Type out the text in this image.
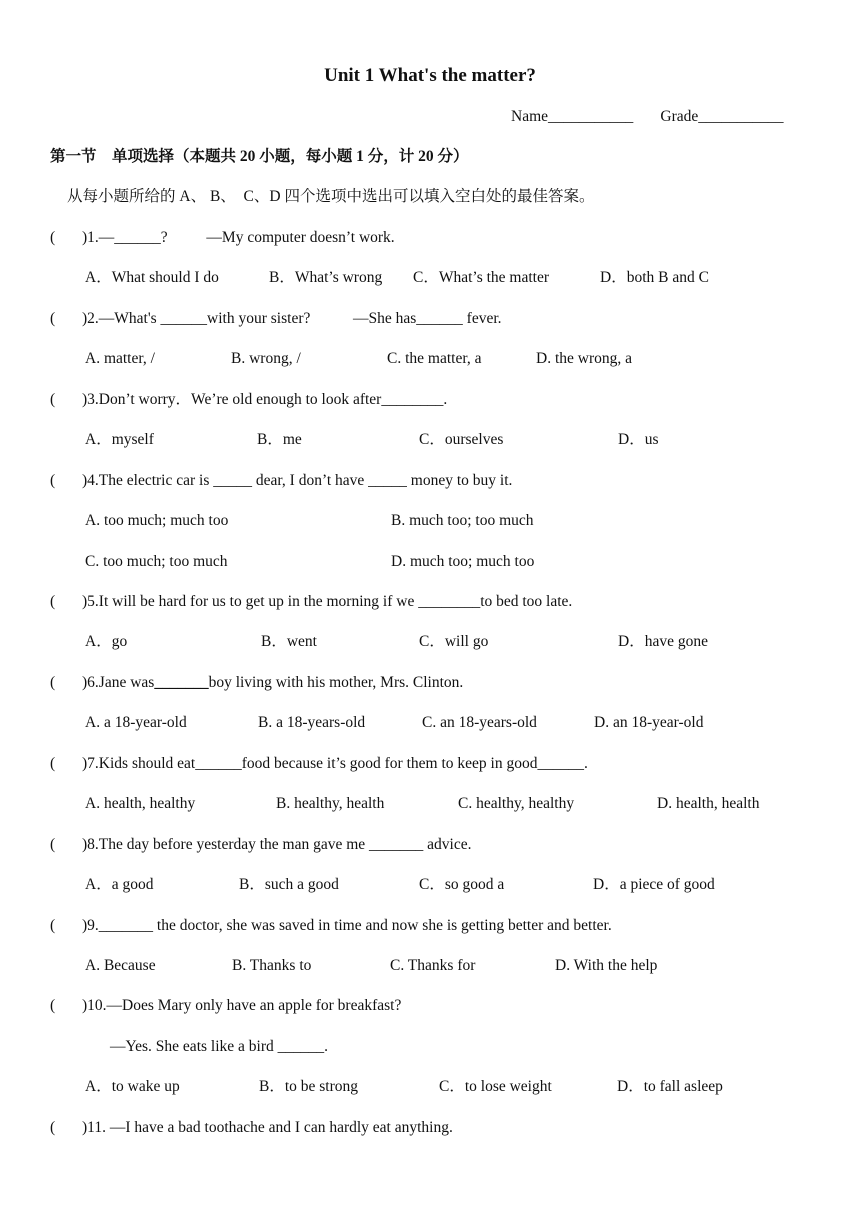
Unit 1 What's the matter?
Name___________       Grade___________
第一节    单项选择（本题共 20 小题，每小题 1 分，计 20 分）
从每小题所给的 A、 B、  C、D 四个选项中选出可以填入空白处的最佳答案。
( )1.—______?          —My computer doesn’t work.
A．What should I do	B．What’s wrong C．What’s the matter	D．both B and C
( )2.—What's ______with your sister?           —She has______ fever.
A. matter, /	B. wrong, /	C. the matter, a	D. the wrong, a
( )3.Don’t worry．We’re old enough to look after________.
A．myself	B．me	C．ourselves	D．us
( )4.The electric car is _____ dear, I don’t have _____ money to buy it.
A. too much; much too	B. much too; too much
C. too much; too much	D. much too; much too
( )5.It will be hard for us to get up in the morning if we ________to bed too late.
A．go	B．went	C．will go	D．have gone
( )6.Jane was_______boy living with his mother, Mrs. Clinton.
A. a 18-year-old	B. a 18-years-old	C. an 18-years-old	D. an 18-year-old
( )7.Kids should eat______food because it’s good for them to keep in good______.
A. health, healthy	B. healthy, health	C. healthy, healthy	D. health, health
( )8.The day before yesterday the man gave me _______ advice.
A．a good	B．such a good	C．so good a	D．a piece of good
( )9._______ the doctor, she was saved in time and now she is getting better and better.
A. Because	B. Thanks to	C. Thanks for	D. With the help
( )10.—Does Mary only have an apple for breakfast?
—Yes. She eats like a bird ______.
A．to wake up	B．to be strong	C．to lose weight	D．to fall asleep
( )11. —I have a bad toothache and I can hardly eat anything.
